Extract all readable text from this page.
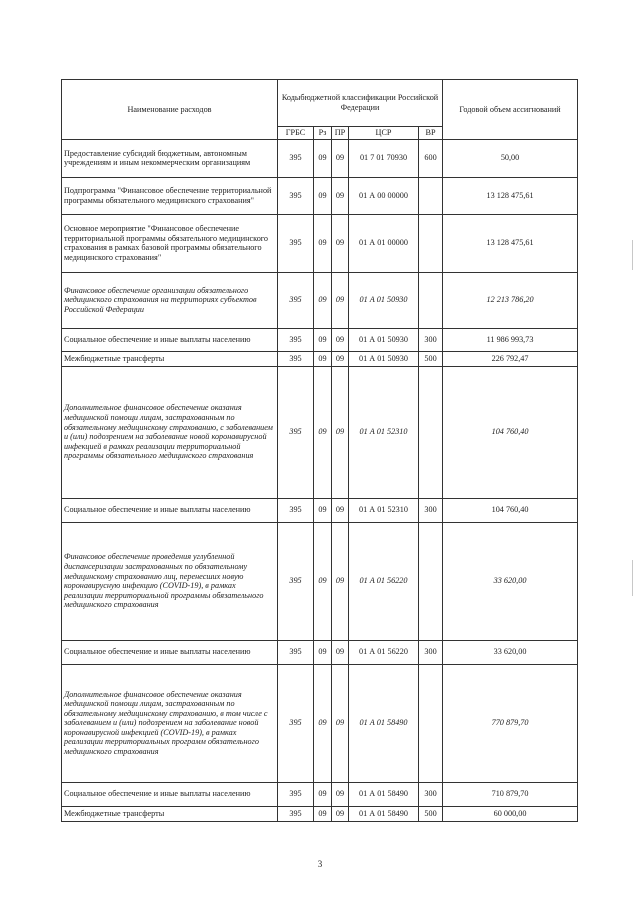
Наименование расходов	Кодыбюджетной классификации Российской Федерации					Годовой объем ассигнований
	ГРБС	Рз	ПР	ЦСР	ВР	
Предоставление субсидий бюджетным, автономным учреждениям и иным некоммерческим организациям	395	09	09	01 7 01 70930	600	50,00
Подпрограмма "Финансовое обеспечение территориальной программы обязательного медицинского страхования"	395	09	09	01 А 00 00000		13 128 475,61
Основное мероприятие "Финансовое обеспечение территориальной программы обязательного медицинского страхования в рамках базовой программы обязательного медицинского страхования"	395	09	09	01 А 01 00000		13 128 475,61
Финансовое обеспечение организации обязательного медицинского страхования на территориях субъектов Российской Федерации	395	09	09	01 А 01 50930		12 213 786,20
Социальное обеспечение и иные выплаты населению	395	09	09	01 А 01 50930	300	11 986 993,73
Межбюджетные трансферты	395	09	09	01 А 01 50930	500	226 792,47
Дополнительное финансовое обеспечение оказания медицинской помощи лицам, застрахованным по обязательному медицинскому страхованию, с заболеванием и (или) подозрением на заболевание новой коронавирусной инфекцией в рамках реализации территориальной программы обязательного медицинского страхования	395	09	09	01 А 01 52310		104 760,40
Социальное обеспечение и иные выплаты населению	395	09	09	01 А 01 52310	300	104 760,40
Финансовое обеспечение проведения углубленной диспансеризации застрахованных по обязательному медицинскому страхованию лиц, перенесших новую коронавирусную инфекцию (COVID-19), в рамках реализации территориальной программы обязательного медицинского страхования	395	09	09	01 А 01 56220		33 620,00
Социальное обеспечение и иные выплаты населению	395	09	09	01 А 01 56220	300	33 620,00
Дополнительное финансовое обеспечение оказания медицинской помощи лицам, застрахованным по обязательному медицинскому страхованию, в том числе с заболеванием и (или) подозрением на заболевание новой коронавирусной инфекцией (COVID-19), в рамках реализации территориальных программ обязательного медицинского страхования	395	09	09	01 А 01 58490		770 879,70
Социальное обеспечение и иные выплаты населению	395	09	09	01 А 01 58490	300	710 879,70
Межбюджетные трансферты	395	09	09	01 А 01 58490	500	60 000,00
3
